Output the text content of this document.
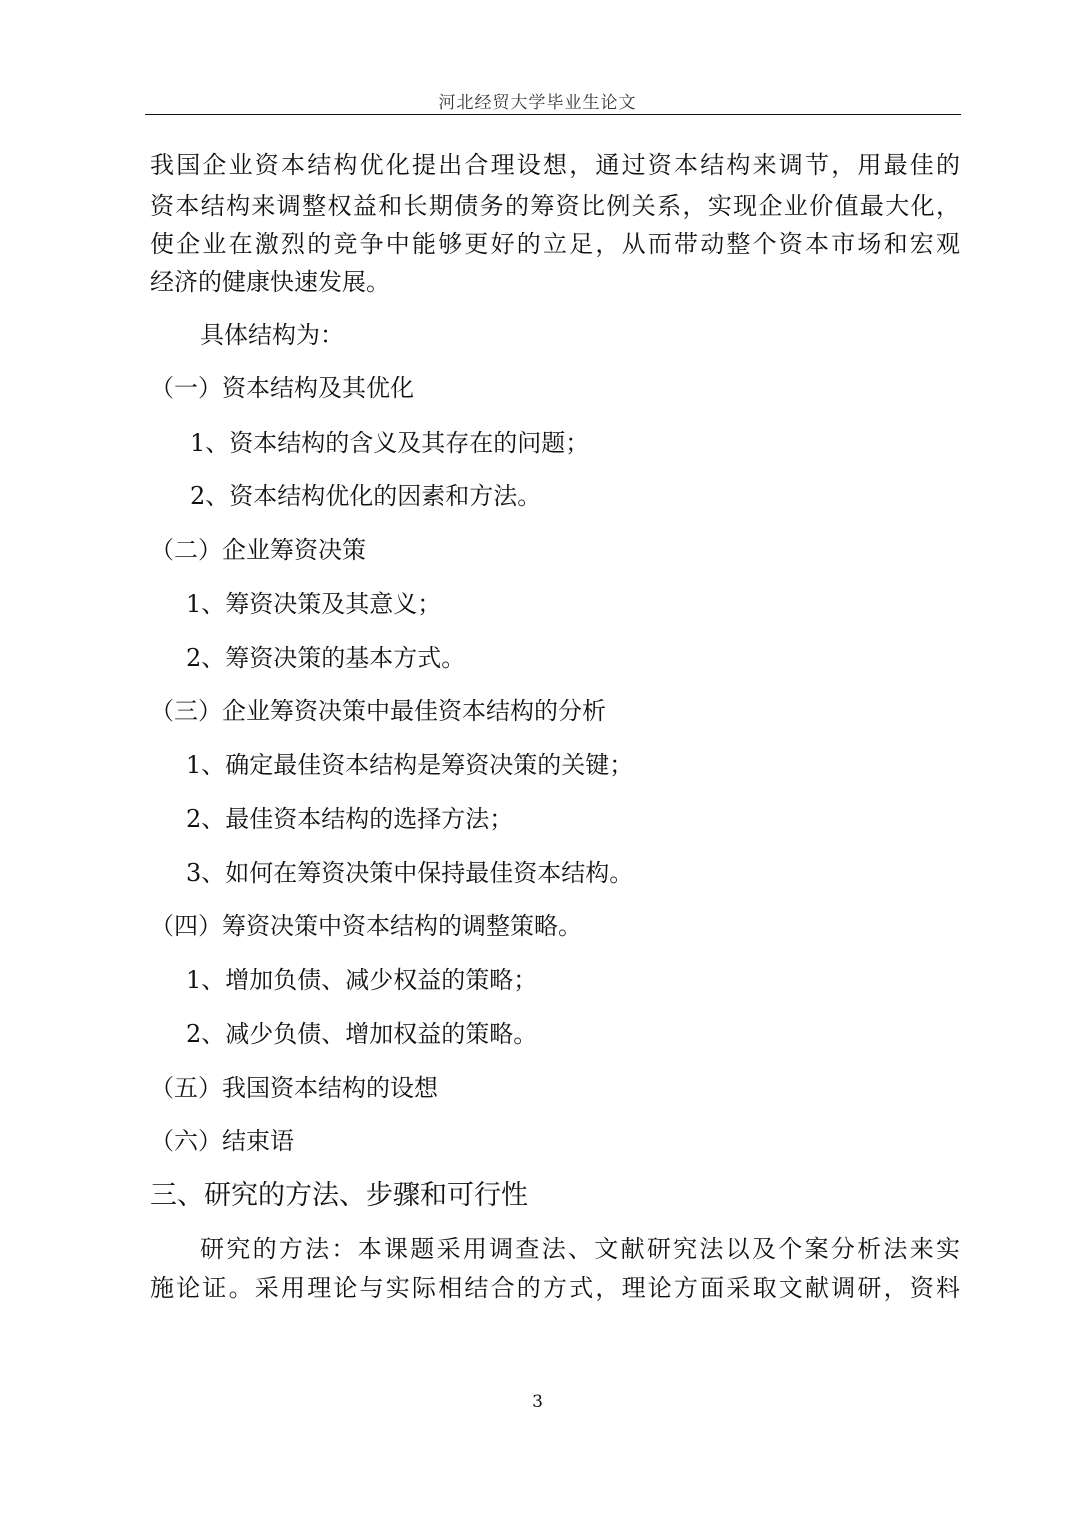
河北经贸大学毕业生论文
我国企业资本结构优化提出合理设想，通过资本结构来调节，用最佳的
资本结构来调整权益和长期债务的筹资比例关系，实现企业价值最大化，
使企业在激烈的竞争中能够更好的立足，从而带动整个资本市场和宏观
经济的健康快速发展。
具体结构为：
（一）资本结构及其优化
1、资本结构的含义及其存在的问题；
2、资本结构优化的因素和方法。
（二）企业筹资决策
1、筹资决策及其意义；
2、筹资决策的基本方式。
（三）企业筹资决策中最佳资本结构的分析
1、确定最佳资本结构是筹资决策的关键；
2、最佳资本结构的选择方法；
3、如何在筹资决策中保持最佳资本结构。
（四）筹资决策中资本结构的调整策略。
1、增加负债、减少权益的策略；
2、减少负债、增加权益的策略。
（五）我国资本结构的设想
（六）结束语
三、研究的方法、步骤和可行性
研究的方法：本课题采用调查法、文献研究法以及个案分析法来实
施论证。采用理论与实际相结合的方式，理论方面采取文献调研，资料
3
